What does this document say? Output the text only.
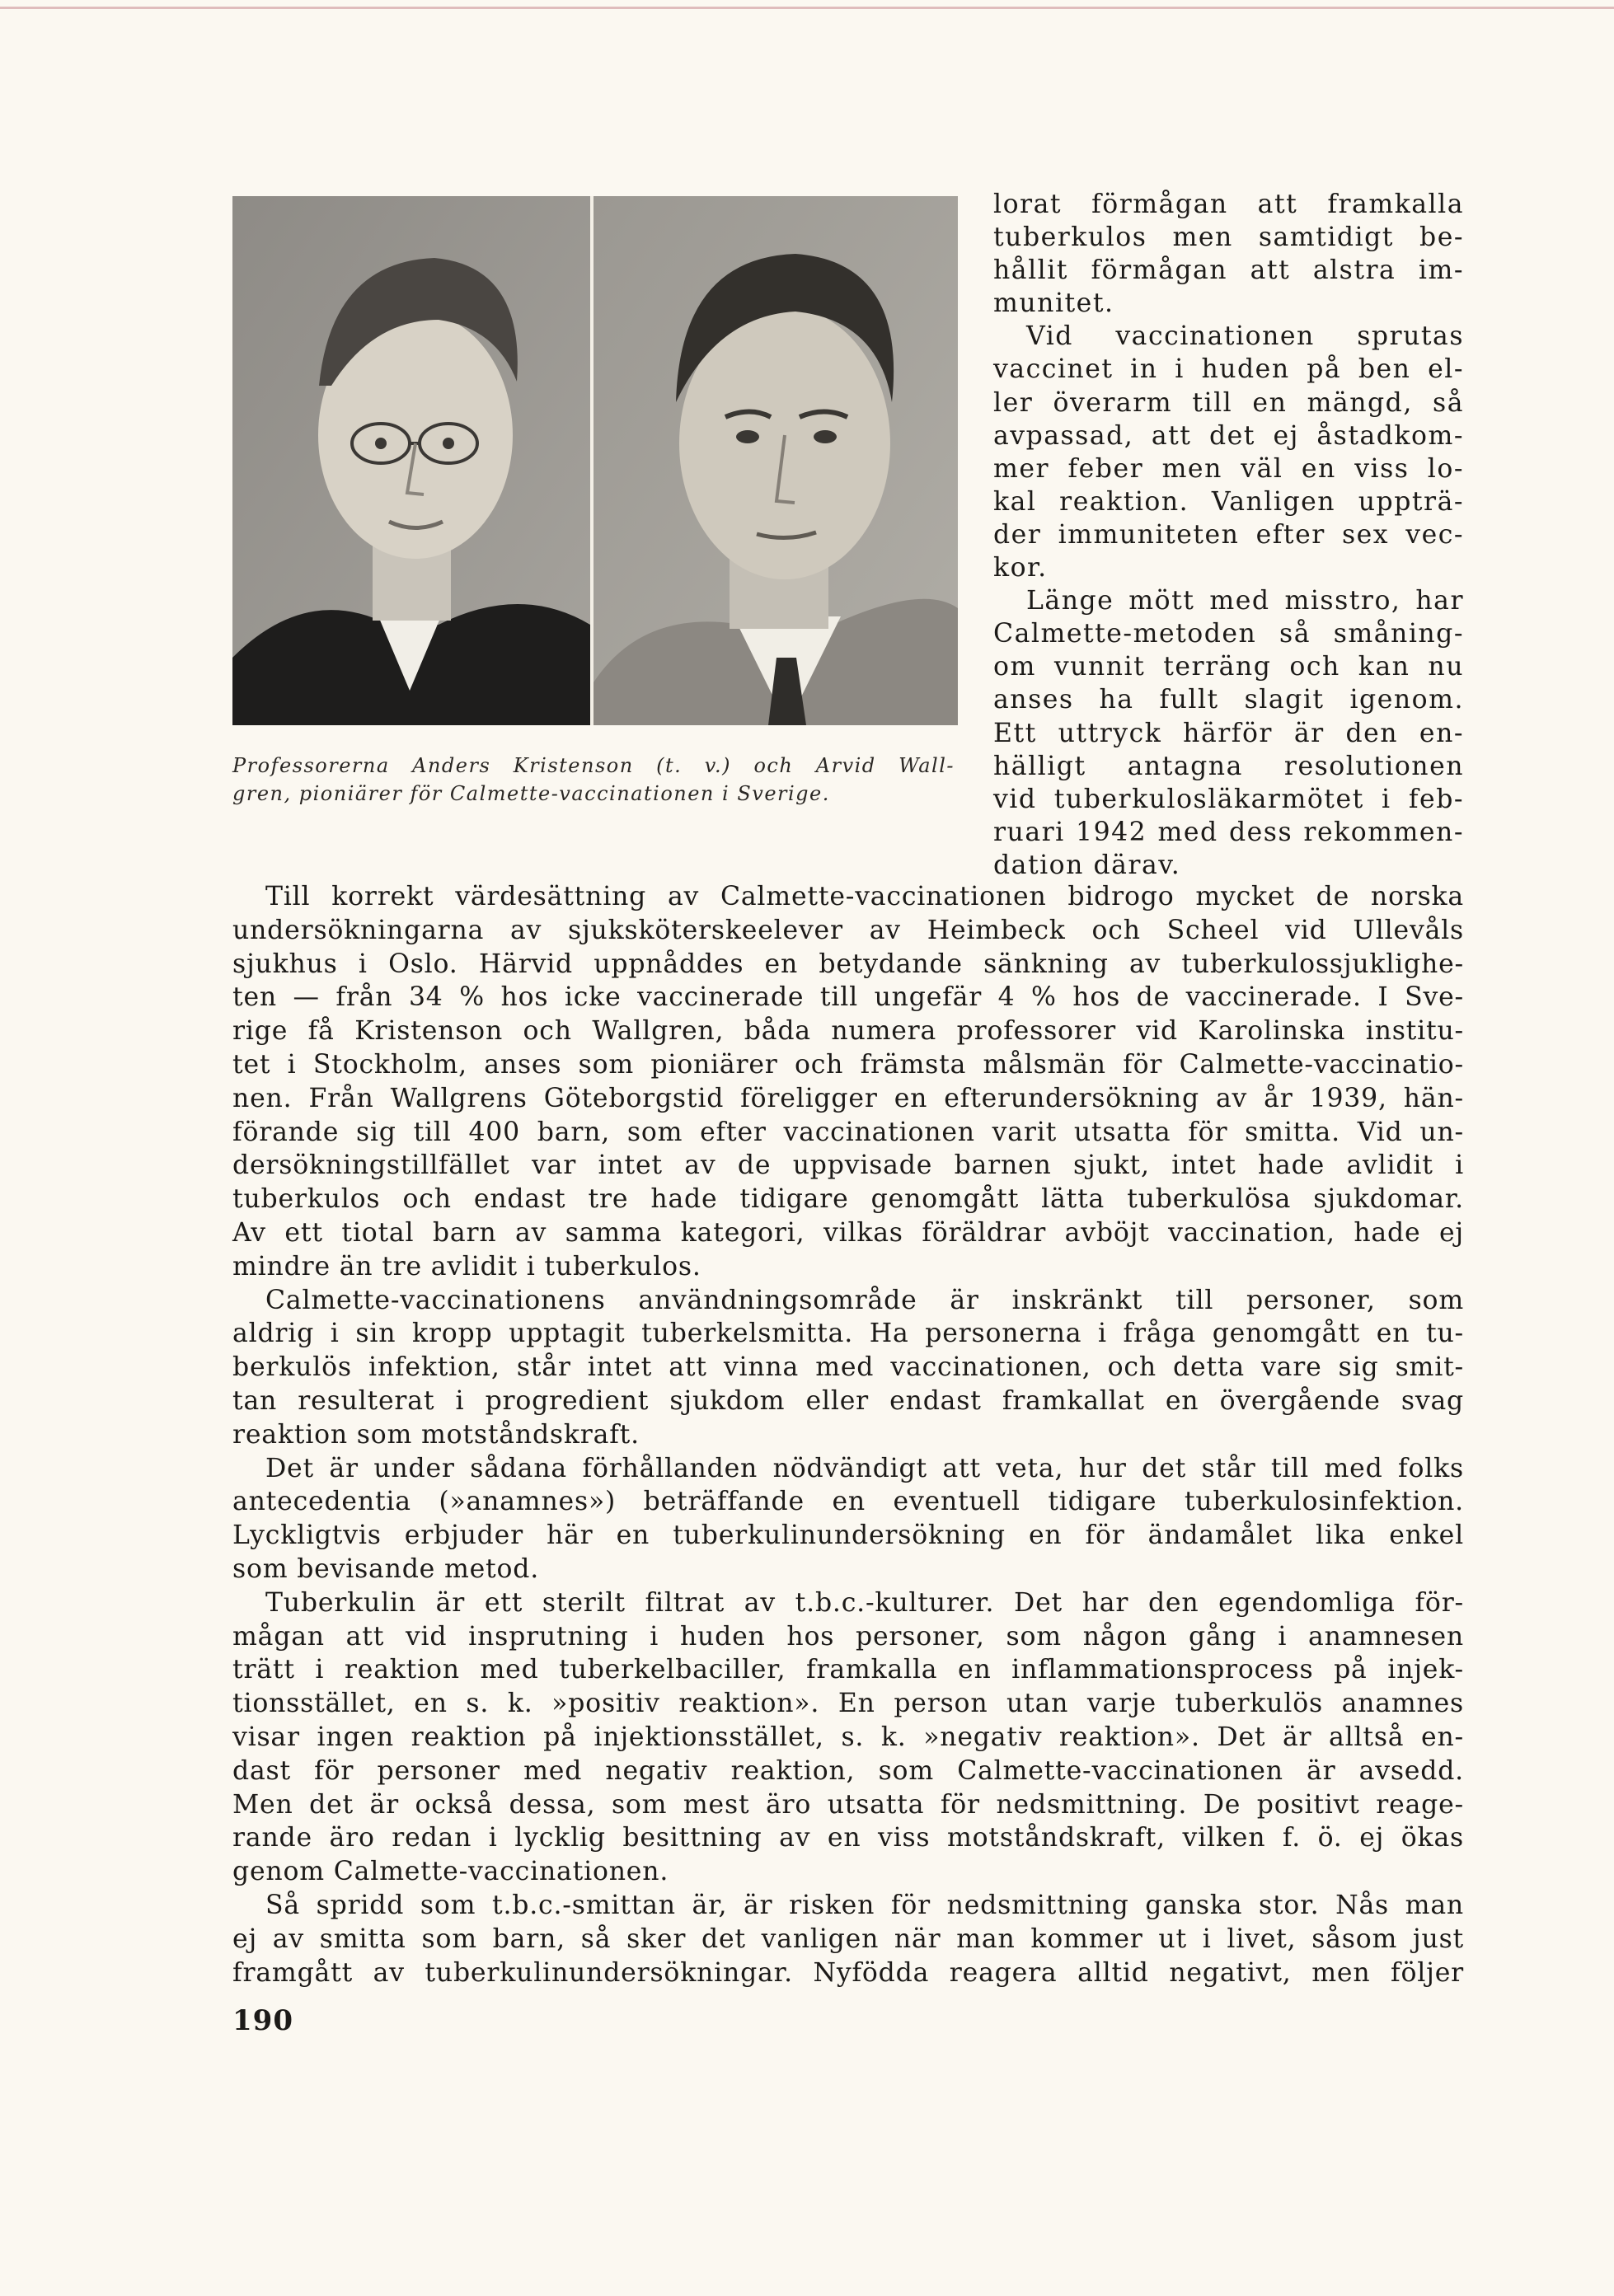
Professorerna Anders Kristenson (t. v.) och Arvid Wall-
gren, pioniärer för Calmette-vaccinationen i Sverige.
lorat förmågan att framkalla
tuberkulos men samtidigt be-
hållit förmågan att alstra im-
munitet.
Vid vaccinationen sprutas
vaccinet in i huden på ben el-
ler överarm till en mängd, så
avpassad, att det ej åstadkom-
mer feber men väl en viss lo-
kal reaktion. Vanligen uppträ-
der immuniteten efter sex vec-
kor.
Länge mött med misstro, har
Calmette-metoden så småning-
om vunnit terräng och kan nu
anses ha fullt slagit igenom.
Ett uttryck härför är den en-
hälligt antagna resolutionen
vid tuberkulosläkarmötet i feb-
ruari 1942 med dess rekommen-
dation därav.
Till korrekt värdesättning av Calmette-vaccinationen bidrogo mycket de norska
undersökningarna av sjuksköterskeelever av Heimbeck och Scheel vid Ullevåls
sjukhus i Oslo. Härvid uppnåddes en betydande sänkning av tuberkulossjuklighe-
ten — från 34 % hos icke vaccinerade till ungefär 4 % hos de vaccinerade. I Sve-
rige få Kristenson och Wallgren, båda numera professorer vid Karolinska institu-
tet i Stockholm, anses som pioniärer och främsta målsmän för Calmette-vaccinatio-
nen. Från Wallgrens Göteborgstid föreligger en efterundersökning av år 1939, hän-
förande sig till 400 barn, som efter vaccinationen varit utsatta för smitta. Vid un-
dersökningstillfället var intet av de uppvisade barnen sjukt, intet hade avlidit i
tuberkulos och endast tre hade tidigare genomgått lätta tuberkulösa sjukdomar.
Av ett tiotal barn av samma kategori, vilkas föräldrar avböjt vaccination, hade ej
mindre än tre avlidit i tuberkulos.
Calmette-vaccinationens användningsområde är inskränkt till personer, som
aldrig i sin kropp upptagit tuberkelsmitta. Ha personerna i fråga genomgått en tu-
berkulös infektion, står intet att vinna med vaccinationen, och detta vare sig smit-
tan resulterat i progredient sjukdom eller endast framkallat en övergående svag
reaktion som motståndskraft.
Det är under sådana förhållanden nödvändigt att veta, hur det står till med folks
antecedentia (»anamnes») beträffande en eventuell tidigare tuberkulosinfektion.
Lyckligtvis erbjuder här en tuberkulinundersökning en för ändamålet lika enkel
som bevisande metod.
Tuberkulin är ett sterilt filtrat av t.b.c.-kulturer. Det har den egendomliga för-
mågan att vid insprutning i huden hos personer, som någon gång i anamnesen
trätt i reaktion med tuberkelbaciller, framkalla en inflammationsprocess på injek-
tionsstället, en s. k. »positiv reaktion». En person utan varje tuberkulös anamnes
visar ingen reaktion på injektionsstället, s. k. »negativ reaktion». Det är alltså en-
dast för personer med negativ reaktion, som Calmette-vaccinationen är avsedd.
Men det är också dessa, som mest äro utsatta för nedsmittning. De positivt reage-
rande äro redan i lycklig besittning av en viss motståndskraft, vilken f. ö. ej ökas
genom Calmette-vaccinationen.
Så spridd som t.b.c.-smittan är, är risken för nedsmittning ganska stor. Nås man
ej av smitta som barn, så sker det vanligen när man kommer ut i livet, såsom just
framgått av tuberkulinundersökningar. Nyfödda reagera alltid negativt, men följer
190
